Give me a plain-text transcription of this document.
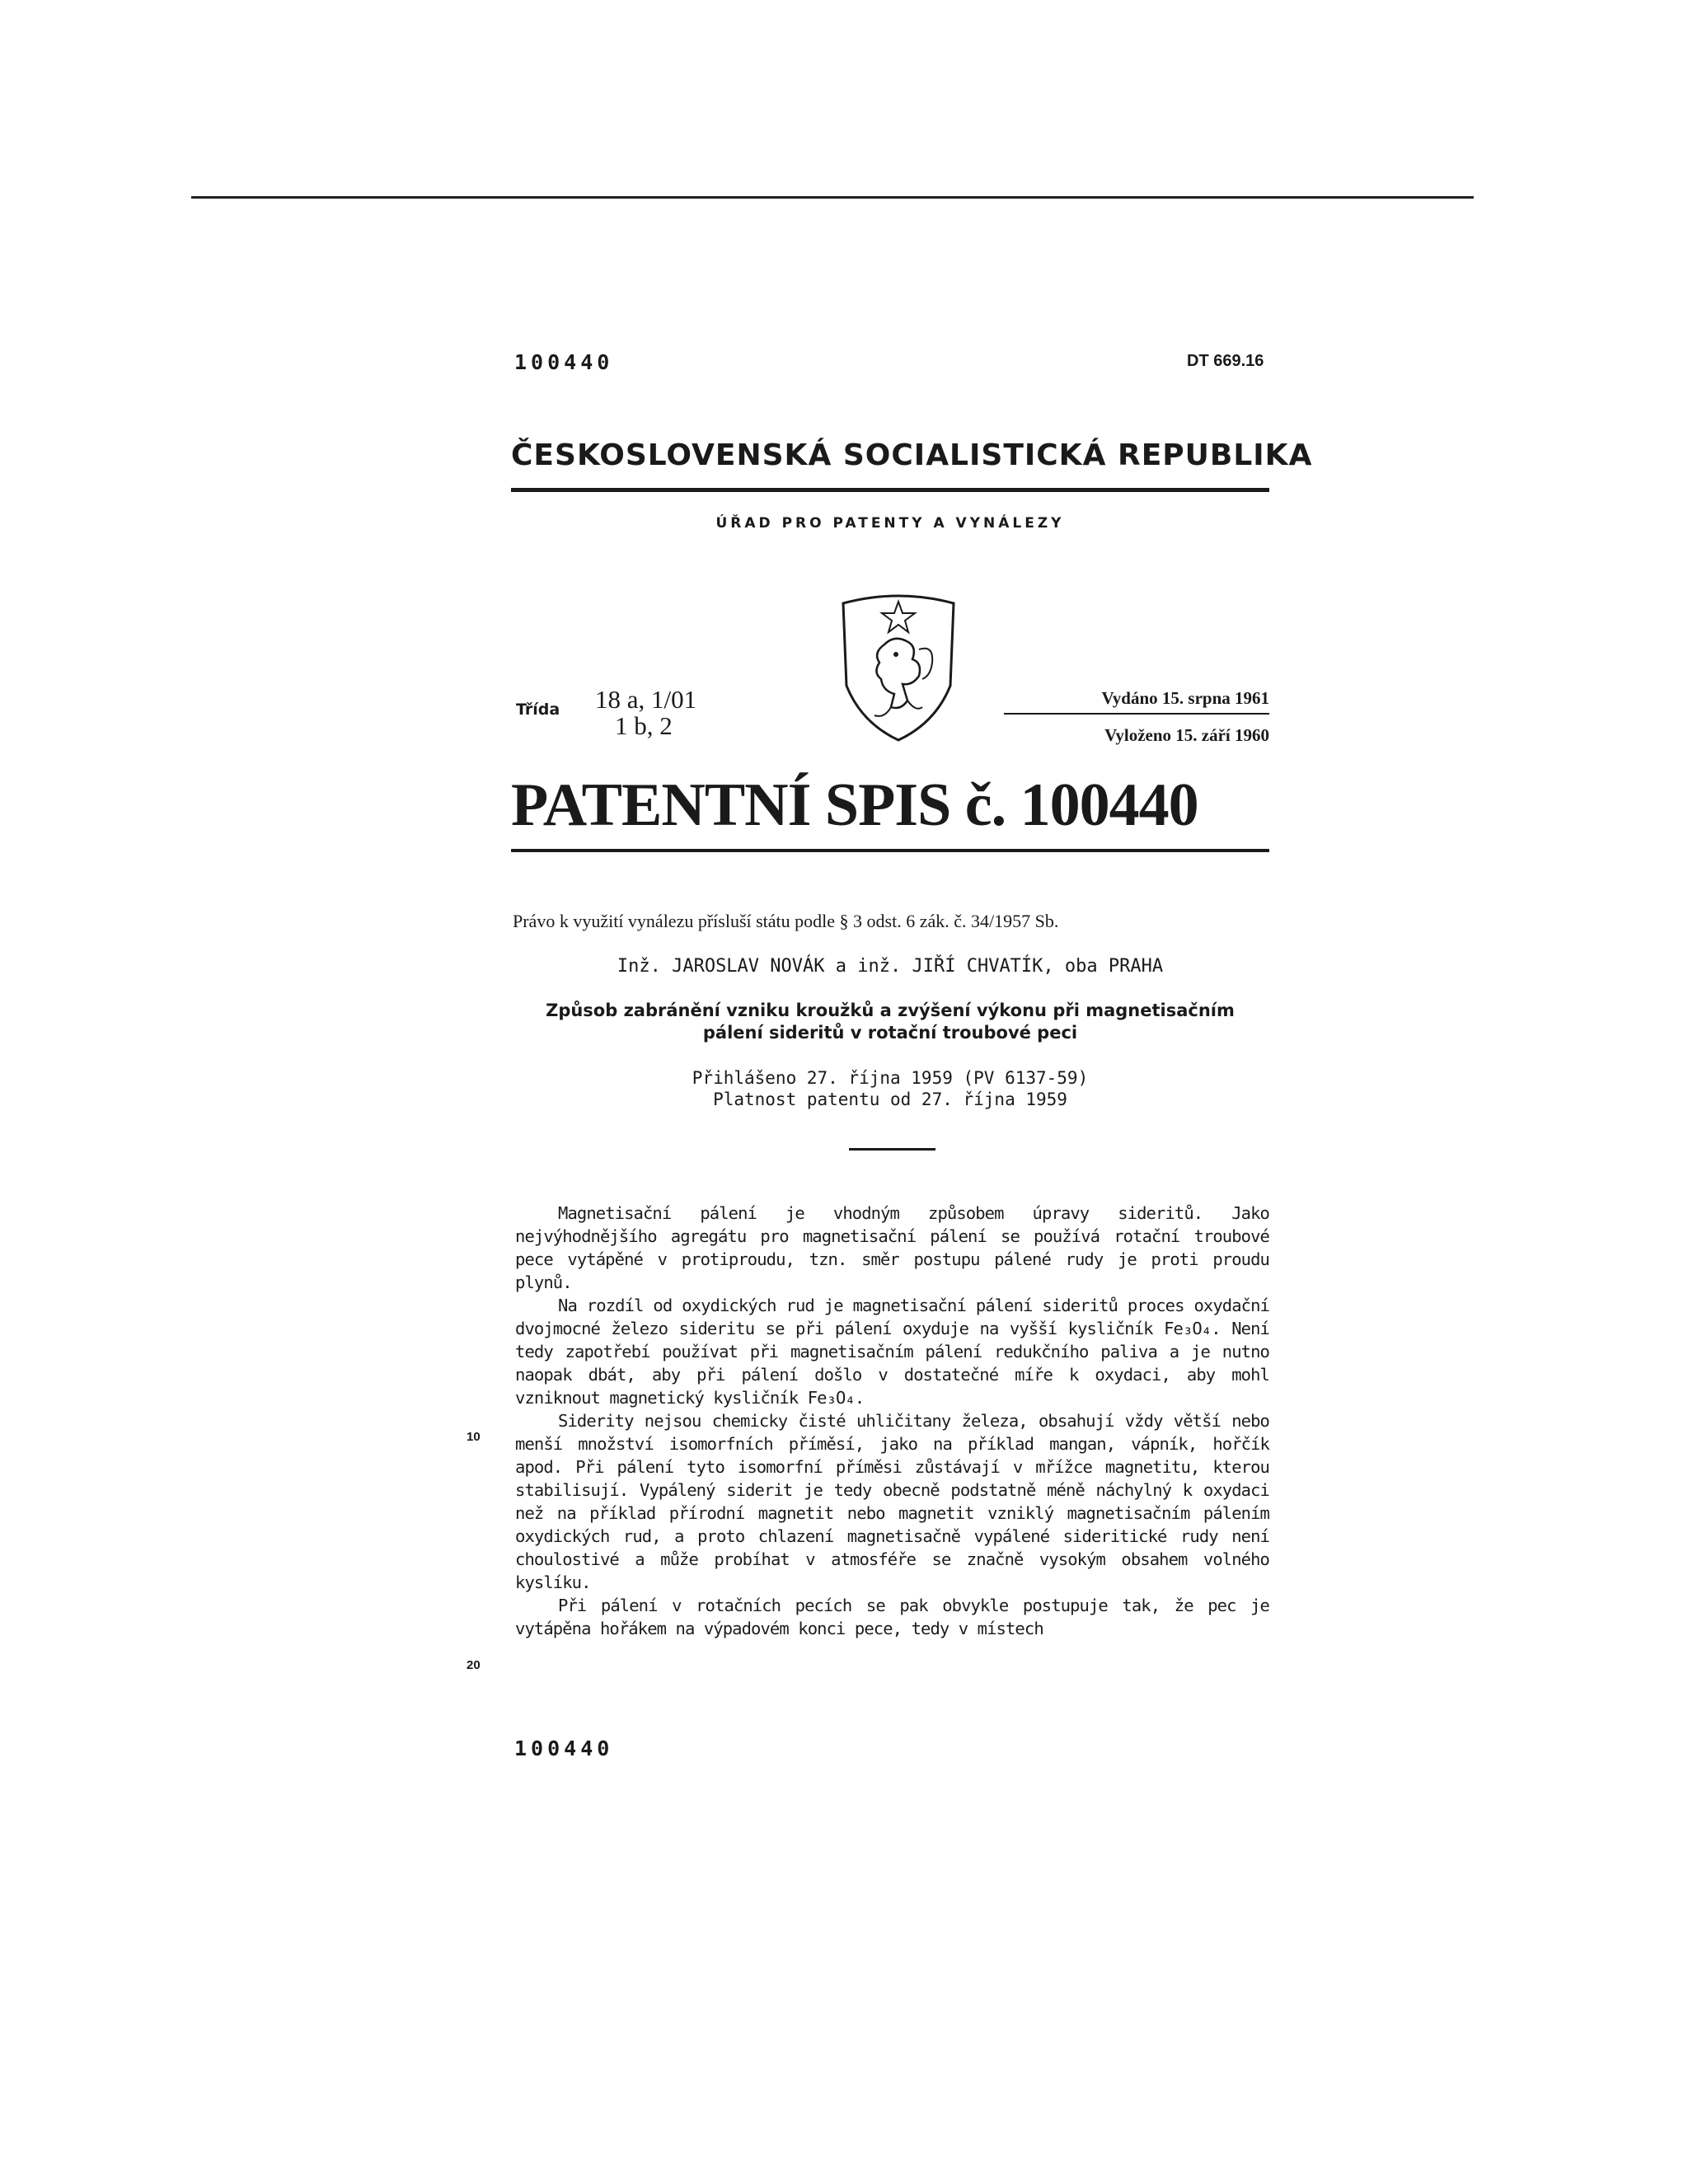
100440	DT 669.16
ČESKOSLOVENSKÁ SOCIALISTICKÁ REPUBLIKA
ÚŘAD PRO PATENTY A VYNÁLEZY
Třída 18 a, 1/01
1 b, 2
Vydáno 15. srpna 1961
Vyloženo 15. září 1960
PATENTNÍ SPIS č. 100440
Právo k využití vynálezu přísluší státu podle § 3 odst. 6 zák. č. 34/1957 Sb.
Inž. JAROSLAV NOVÁK a inž. JIŘÍ CHVATÍK, oba PRAHA
Způsob zabránění vzniku kroužků a zvýšení výkonu při magnetisačním
pálení sideritů v rotační troubové peci
Přihlášeno 27. října 1959 (PV 6137-59)
Platnost patentu od 27. října 1959

Magnetisační pálení je vhodným způsobem úpravy sideritů. Jako nejvýhodnějšího agregátu pro magnetisační pálení se používá rotační troubové pece vytápěné v protiproudu, tzn. směr postupu pálené rudy je proti proudu plynů.

Na rozdíl od oxydických rud je magnetisační pálení sideritů proces oxydační dvojmocné železo sideritu se při pálení oxyduje na vyšší kysličník Fe₃O₄. Není tedy zapotřebí používat při magnetisačním pálení redukčního paliva a je nutno naopak dbát, aby při pálení došlo v dostatečné míře k oxydaci, aby mohl vzniknout magnetický kysličník Fe₃O₄.

Siderity nejsou chemicky čisté uhličitany železa, obsahují vždy větší nebo menší množství isomorfních příměsí, jako na příklad mangan, vápník, hořčík apod. Při pálení tyto isomorfní příměsi zůstávají v mřížce magnetitu, kterou stabilisují. Vypálený siderit je tedy obecně podstatně méně náchylný k oxydaci než na příklad přírodní magnetit nebo magnetit vzniklý magnetisačním pálením oxydických rud, a proto chlazení magnetisačně vypálené sideritické rudy není choulostivé a může probíhat v atmosféře se značně vysokým obsahem volného kyslíku.

Při pálení v rotačních pecích se pak obvykle postupuje tak, že pec je vytápěna hořákem na výpadovém konci pece, tedy v místech

10
20
100440
